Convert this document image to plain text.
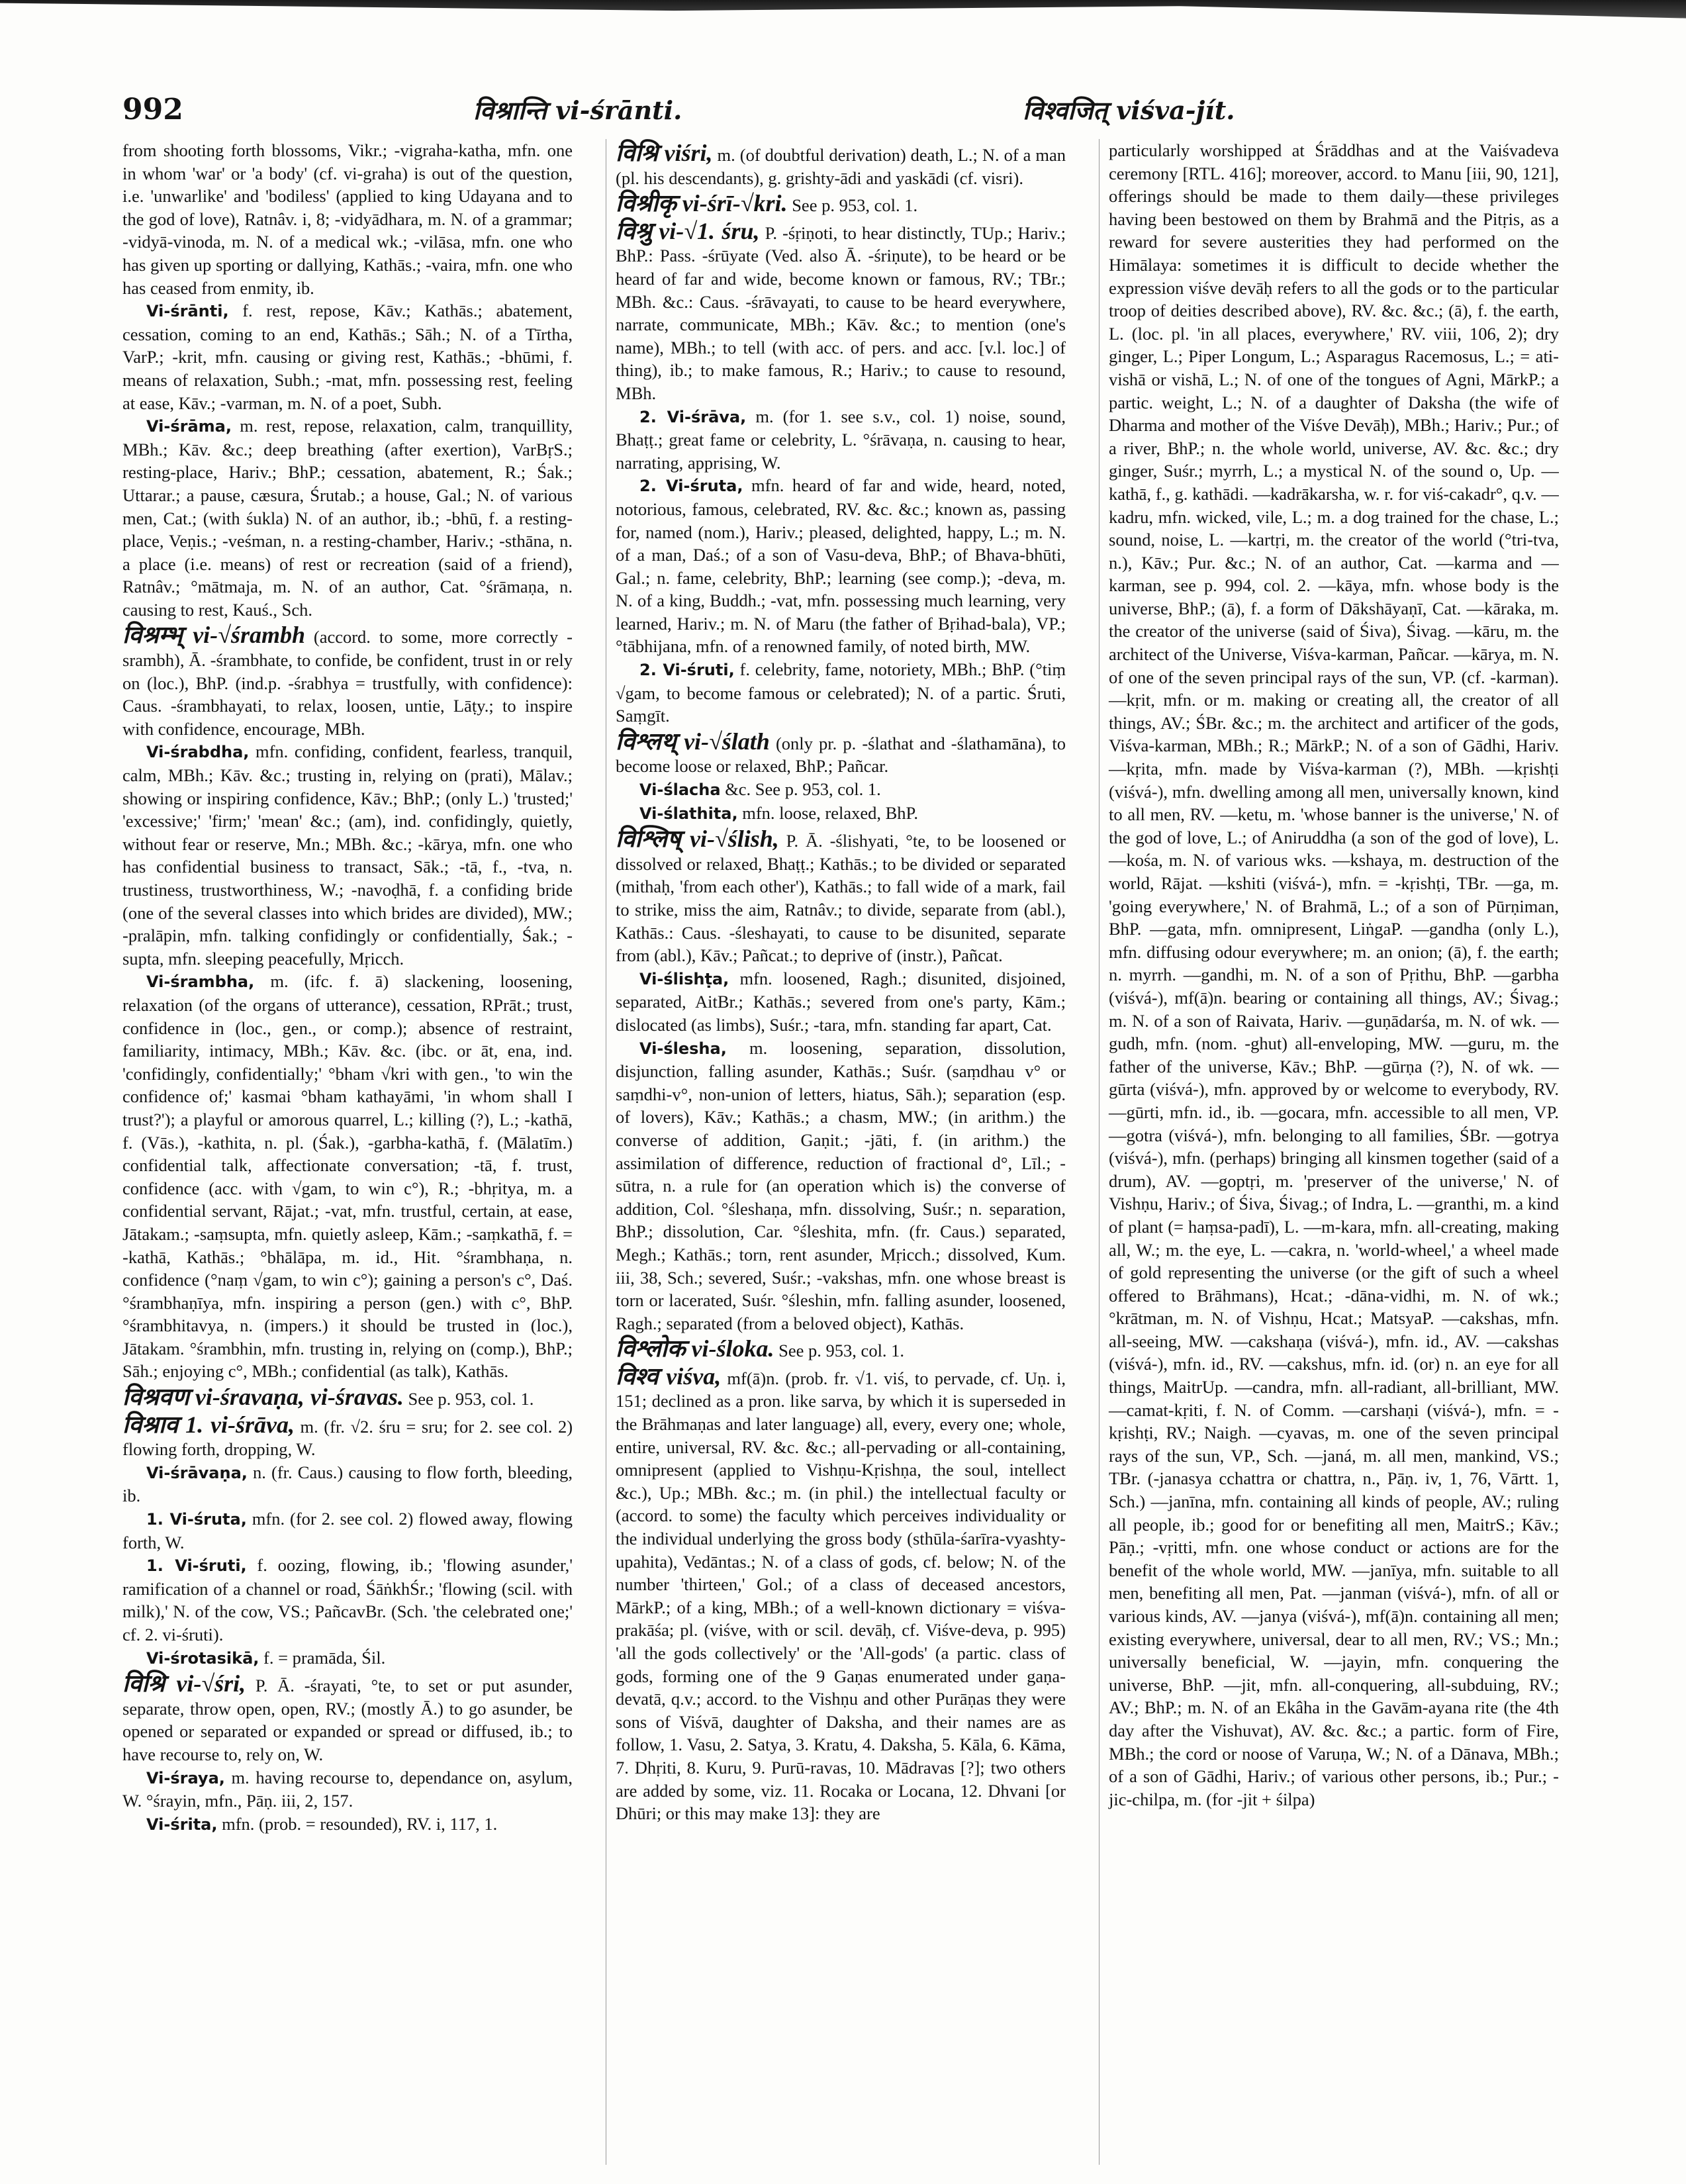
992	विश्रान्ति vi-śrānti.	विश्वजित् viśva-jít.

from shooting forth blossoms, Vikr.; -vigraha-katha, mfn. one in whom 'war' or 'a body' (cf. vi-graha) is out of the question, i.e. 'unwarlike' and 'bodiless' (applied to king Udayana and to the god of love), Ratnâv. i, 8; -vidyādhara, m. N. of a grammar; -vidyā-vinoda, m. N. of a medical wk.; -vilāsa, mfn. one who has given up sporting or dallying, Kathās.; -vaira, mfn. one who has ceased from enmity, ib.

Vi-śrānti, f. rest, repose, Kāv.; Kathās.; abatement, cessation, coming to an end, Kathās.; Sāh.; N. of a Tīrtha, VarP.; -krit, mfn. causing or giving rest, Kathās.; -bhūmi, f. means of relaxation, Subh.; -mat, mfn. possessing rest, feeling at ease, Kāv.; -varman, m. N. of a poet, Subh.

Vi-śrāma, m. rest, repose, relaxation, calm, tranquillity, MBh.; Kāv. &c.; deep breathing (after exertion), VarBṛS.; resting-place, Hariv.; BhP.; cessation, abatement, R.; Śak.; Uttarar.; a pause, cæsura, Śrutab.; a house, Gal.; N. of various men, Cat.; (with śukla) N. of an author, ib.; -bhū, f. a resting-place, Veṇis.; -veśman, n. a resting-chamber, Hariv.; -sthāna, n. a place (i.e. means) of rest or recreation (said of a friend), Ratnâv.; °mātmaja, m. N. of an author, Cat. °śrāmaṇa, n. causing to rest, Kauś., Sch.

विश्रम्भ् vi-√śrambh (accord. to some, more correctly -srambh), Ā. -śrambhate, to confide, be confident, trust in or rely on (loc.), BhP. (ind.p. -śrabhya = trustfully, with confidence): Caus. -śrambhayati, to relax, loosen, untie, Lāṭy.; to inspire with confidence, encourage, MBh.

Vi-śrabdha, mfn. confiding, confident, fearless, tranquil, calm, MBh.; Kāv. &c.; trusting in, relying on (prati), Mālav.; showing or inspiring confidence, Kāv.; BhP.; (only L.) 'trusted;' 'excessive;' 'firm;' 'mean' &c.; (am), ind. confidingly, quietly, without fear or reserve, Mn.; MBh. &c.; -kārya, mfn. one who has confidential business to transact, Sāk.; -tā, f., -tva, n. trustiness, trustworthiness, W.; -navoḍhā, f. a confiding bride (one of the several classes into which brides are divided), MW.; -pralāpin, mfn. talking confidingly or confidentially, Śak.; -supta, mfn. sleeping peacefully, Mṛicch.

Vi-śrambha, m. (ifc. f. ā) slackening, loosening, relaxation (of the organs of utterance), cessation, RPrāt.; trust, confidence in (loc., gen., or comp.); absence of restraint, familiarity, intimacy, MBh.; Kāv. &c. (ibc. or āt, ena, ind. 'confidingly, confidentially;' °bham √kri with gen., 'to win the confidence of;' kasmai °bham kathayāmi, 'in whom shall I trust?'); a playful or amorous quarrel, L.; killing (?), L.; -kathā, f. (Vās.), -kathita, n. pl. (Śak.), -garbha-kathā, f. (Mālatīm.) confidential talk, affectionate conversation; -tā, f. trust, confidence (acc. with √gam, to win c°), R.; -bhṛitya, m. a confidential servant, Rājat.; -vat, mfn. trustful, certain, at ease, Jātakam.; -saṃsupta, mfn. quietly asleep, Kām.; -saṃkathā, f. = -kathā, Kathās.; °bhālāpa, m. id., Hit. °śrambhaṇa, n. confidence (°naṃ √gam, to win c°); gaining a person's c°, Daś. °śrambhaṇīya, mfn. inspiring a person (gen.) with c°, BhP. °śrambhitavya, n. (impers.) it should be trusted in (loc.), Jātakam. °śrambhin, mfn. trusting in, relying on (comp.), BhP.; Sāh.; enjoying c°, MBh.; confidential (as talk), Kathās.

विश्रवण vi-śravaṇa, vi-śravas. See p. 953, col. 1.

विश्राव 1. vi-śrāva, m. (fr. √2. śru = sru; for 2. see col. 2) flowing forth, dropping, W.

Vi-śrāvaṇa, n. (fr. Caus.) causing to flow forth, bleeding, ib.

1. Vi-śruta, mfn. (for 2. see col. 2) flowed away, flowing forth, W.

1. Vi-śruti, f. oozing, flowing, ib.; 'flowing asunder,' ramification of a channel or road, ŚāṅkhŚr.; 'flowing (scil. with milk),' N. of the cow, VS.; PañcavBr. (Sch. 'the celebrated one;' cf. 2. vi-śruti).

Vi-śrotasikā, f. = pramāda, Śil.

विश्रि vi-√śri, P. Ā. -śrayati, °te, to set or put asunder, separate, throw open, open, RV.; (mostly Ā.) to go asunder, be opened or separated or expanded or spread or diffused, ib.; to have recourse to, rely on, W.

Vi-śraya, m. having recourse to, dependance on, asylum, W. °śrayin, mfn., Pāṇ. iii, 2, 157.

Vi-śrita, mfn. (prob. = resounded), RV. i, 117, 1.

विश्रि viśri, m. (of doubtful derivation) death, L.; N. of a man (pl. his descendants), g. grishty-ādi and yaskādi (cf. visri).

विश्रीकृ vi-śrī-√kri. See p. 953, col. 1.

विश्रु vi-√1. śru, P. -śṛiṇoti, to hear distinctly, TUp.; Hariv.; BhP.: Pass. -śrūyate (Ved. also Ā. -śriṇute), to be heard or be heard of far and wide, become known or famous, RV.; TBr.; MBh. &c.: Caus. -śrāvayati, to cause to be heard everywhere, narrate, communicate, MBh.; Kāv. &c.; to mention (one's name), MBh.; to tell (with acc. of pers. and acc. [v.l. loc.] of thing), ib.; to make famous, R.; Hariv.; to cause to resound, MBh.

2. Vi-śrāva, m. (for 1. see s.v., col. 1) noise, sound, Bhaṭṭ.; great fame or celebrity, L. °śrāvaṇa, n. causing to hear, narrating, apprising, W.

2. Vi-śruta, mfn. heard of far and wide, heard, noted, notorious, famous, celebrated, RV. &c. &c.; known as, passing for, named (nom.), Hariv.; pleased, delighted, happy, L.; m. N. of a man, Daś.; of a son of Vasu-deva, BhP.; of Bhava-bhūti, Gal.; n. fame, celebrity, BhP.; learning (see comp.); -deva, m. N. of a king, Buddh.; -vat, mfn. possessing much learning, very learned, Hariv.; m. N. of Maru (the father of Bṛihad-bala), VP.; °tābhijana, mfn. of a renowned family, of noted birth, MW.

2. Vi-śruti, f. celebrity, fame, notoriety, MBh.; BhP. (°tiṃ √gam, to become famous or celebrated); N. of a partic. Śruti, Saṃgīt.

विश्लथ् vi-√ślath (only pr. p. -ślathat and -ślathamāna), to become loose or relaxed, BhP.; Pañcar.

Vi-ślacha &c. See p. 953, col. 1.

Vi-ślathita, mfn. loose, relaxed, BhP.

विश्लिष् vi-√ślish, P. Ā. -ślishyati, °te, to be loosened or dissolved or relaxed, Bhaṭṭ.; Kathās.; to be divided or separated (mithaḥ, 'from each other'), Kathās.; to fall wide of a mark, fail to strike, miss the aim, Ratnâv.; to divide, separate from (abl.), Kathās.: Caus. -śleshayati, to cause to be disunited, separate from (abl.), Kāv.; Pañcat.; to deprive of (instr.), Pañcat.

Vi-ślishṭa, mfn. loosened, Ragh.; disunited, disjoined, separated, AitBr.; Kathās.; severed from one's party, Kām.; dislocated (as limbs), Suśr.; -tara, mfn. standing far apart, Cat.

Vi-ślesha, m. loosening, separation, dissolution, disjunction, falling asunder, Kathās.; Suśr. (saṃdhau v° or saṃdhi-v°, non-union of letters, hiatus, Sāh.); separation (esp. of lovers), Kāv.; Kathās.; a chasm, MW.; (in arithm.) the converse of addition, Gaṇit.; -jāti, f. (in arithm.) the assimilation of difference, reduction of fractional d°, Līl.; -sūtra, n. a rule for (an operation which is) the converse of addition, Col. °śleshaṇa, mfn. dissolving, Suśr.; n. separation, BhP.; dissolution, Car. °śleshita, mfn. (fr. Caus.) separated, Megh.; Kathās.; torn, rent asunder, Mṛicch.; dissolved, Kum. iii, 38, Sch.; severed, Suśr.; -vakshas, mfn. one whose breast is torn or lacerated, Suśr. °śleshin, mfn. falling asunder, loosened, Ragh.; separated (from a beloved object), Kathās.

विश्लोक vi-śloka. See p. 953, col. 1.

विश्व viśva, mf(ā)n. (prob. fr. √1. viś, to pervade, cf. Uṇ. i, 151; declined as a pron. like sarva, by which it is superseded in the Brāhmaṇas and later language) all, every, every one; whole, entire, universal, RV. &c. &c.; all-pervading or all-containing, omnipresent (applied to Vishṇu-Kṛishṇa, the soul, intellect &c.), Up.; MBh. &c.; m. (in phil.) the intellectual faculty or (accord. to some) the faculty which perceives individuality or the individual underlying the gross body (sthūla-śarīra-vyashty-upahita), Vedāntas.; N. of a class of gods, cf. below; N. of the number 'thirteen,' Gol.; of a class of deceased ancestors, MārkP.; of a king, MBh.; of a well-known dictionary = viśva-prakāśa; pl. (viśve, with or scil. devāḥ, cf. Viśve-deva, p. 995) 'all the gods collectively' or the 'All-gods' (a partic. class of gods, forming one of the 9 Gaṇas enumerated under gaṇa-devatā, q.v.; accord. to the Vishṇu and other Purāṇas they were sons of Viśvā, daughter of Daksha, and their names are as follow, 1. Vasu, 2. Satya, 3. Kratu, 4. Daksha, 5. Kāla, 6. Kāma, 7. Dhṛiti, 8. Kuru, 9. Purū-ravas, 10. Mādravas [?]; two others are added by some, viz. 11. Rocaka or Locana, 12. Dhvani [or Dhūri; or this may make 13]: they are

particularly worshipped at Śrāddhas and at the Vaiśvadeva ceremony [RTL. 416]; moreover, accord. to Manu [iii, 90, 121], offerings should be made to them daily—these privileges having been bestowed on them by Brahmā and the Pitṛis, as a reward for severe austerities they had performed on the Himālaya: sometimes it is difficult to decide whether the expression viśve devāḥ refers to all the gods or to the particular troop of deities described above), RV. &c. &c.; (ā), f. the earth, L. (loc. pl. 'in all places, everywhere,' RV. viii, 106, 2); dry ginger, L.; Piper Longum, L.; Asparagus Racemosus, L.; = ati-vishā or vishā, L.; N. of one of the tongues of Agni, MārkP.; a partic. weight, L.; N. of a daughter of Daksha (the wife of Dharma and mother of the Viśve Devāḥ), MBh.; Hariv.; Pur.; of a river, BhP.; n. the whole world, universe, AV. &c. &c.; dry ginger, Suśr.; myrrh, L.; a mystical N. of the sound o, Up. —kathā, f., g. kathādi. —kadrākarsha, w. r. for viś-cakadr°, q.v. —kadru, mfn. wicked, vile, L.; m. a dog trained for the chase, L.; sound, noise, L. —kartṛi, m. the creator of the world (°tri-tva, n.), Kāv.; Pur. &c.; N. of an author, Cat. —karma and —karman, see p. 994, col. 2. —kāya, mfn. whose body is the universe, BhP.; (ā), f. a form of Dākshāyaṇī, Cat. —kāraka, m. the creator of the universe (said of Śiva), Śivag. —kāru, m. the architect of the Universe, Viśva-karman, Pañcar. —kārya, m. N. of one of the seven principal rays of the sun, VP. (cf. -karman). —kṛit, mfn. or m. making or creating all, the creator of all things, AV.; ŚBr. &c.; m. the architect and artificer of the gods, Viśva-karman, MBh.; R.; MārkP.; N. of a son of Gādhi, Hariv. —kṛita, mfn. made by Viśva-karman (?), MBh. —kṛishṭi (viśvá-), mfn. dwelling among all men, universally known, kind to all men, RV. —ketu, m. 'whose banner is the universe,' N. of the god of love, L.; of Aniruddha (a son of the god of love), L. —kośa, m. N. of various wks. —kshaya, m. destruction of the world, Rājat. —kshiti (viśvá-), mfn. = -kṛishṭi, TBr. —ga, m. 'going everywhere,' N. of Brahmā, L.; of a son of Pūrṇiman, BhP. —gata, mfn. omnipresent, LiṅgaP. —gandha (only L.), mfn. diffusing odour everywhere; m. an onion; (ā), f. the earth; n. myrrh. —gandhi, m. N. of a son of Pṛithu, BhP. —garbha (viśvá-), mf(ā)n. bearing or containing all things, AV.; Śivag.; m. N. of a son of Raivata, Hariv. —guṇādarśa, m. N. of wk. —gudh, mfn. (nom. -ghut) all-enveloping, MW. —guru, m. the father of the universe, Kāv.; BhP. —gūrṇa (?), N. of wk. —gūrta (viśvá-), mfn. approved by or welcome to everybody, RV. —gūrti, mfn. id., ib. —gocara, mfn. accessible to all men, VP. —gotra (viśvá-), mfn. belonging to all families, ŚBr. —gotrya (viśvá-), mfn. (perhaps) bringing all kinsmen together (said of a drum), AV. —goptṛi, m. 'preserver of the universe,' N. of Vishṇu, Hariv.; of Śiva, Śivag.; of Indra, L. —granthi, m. a kind of plant (= haṃsa-padī), L. —m-kara, mfn. all-creating, making all, W.; m. the eye, L. —cakra, n. 'world-wheel,' a wheel made of gold representing the universe (or the gift of such a wheel offered to Brāhmans), Hcat.; -dāna-vidhi, m. N. of wk.; °krātman, m. N. of Vishṇu, Hcat.; MatsyaP. —cakshas, mfn. all-seeing, MW. —cakshaṇa (viśvá-), mfn. id., AV. —cakshas (viśvá-), mfn. id., RV. —cakshus, mfn. id. (or) n. an eye for all things, MaitrUp. —candra, mfn. all-radiant, all-brilliant, MW. —camat-kṛiti, f. N. of Comm. —carshaṇi (viśvá-), mfn. = -kṛishṭi, RV.; Naigh. —cyavas, m. one of the seven principal rays of the sun, VP., Sch. —janá, m. all men, mankind, VS.; TBr. (-janasya cchattra or chattra, n., Pāṇ. iv, 1, 76, Vārtt. 1, Sch.) —janīna, mfn. containing all kinds of people, AV.; ruling all people, ib.; good for or benefiting all men, MaitrS.; Kāv.; Pāṇ.; -vṛitti, mfn. one whose conduct or actions are for the benefit of the whole world, MW. —janīya, mfn. suitable to all men, benefiting all men, Pat. —janman (viśvá-), mfn. of all or various kinds, AV. —janya (viśvá-), mf(ā)n. containing all men; existing everywhere, universal, dear to all men, RV.; VS.; Mn.; universally beneficial, W. —jayin, mfn. conquering the universe, BhP. —jit, mfn. all-conquering, all-subduing, RV.; AV.; BhP.; m. N. of an Ekâha in the Gavām-ayana rite (the 4th day after the Vishuvat), AV. &c. &c.; a partic. form of Fire, MBh.; the cord or noose of Varuṇa, W.; N. of a Dānava, MBh.; of a son of Gādhi, Hariv.; of various other persons, ib.; Pur.; -jic-chilpa, m. (for -jit + śilpa)
